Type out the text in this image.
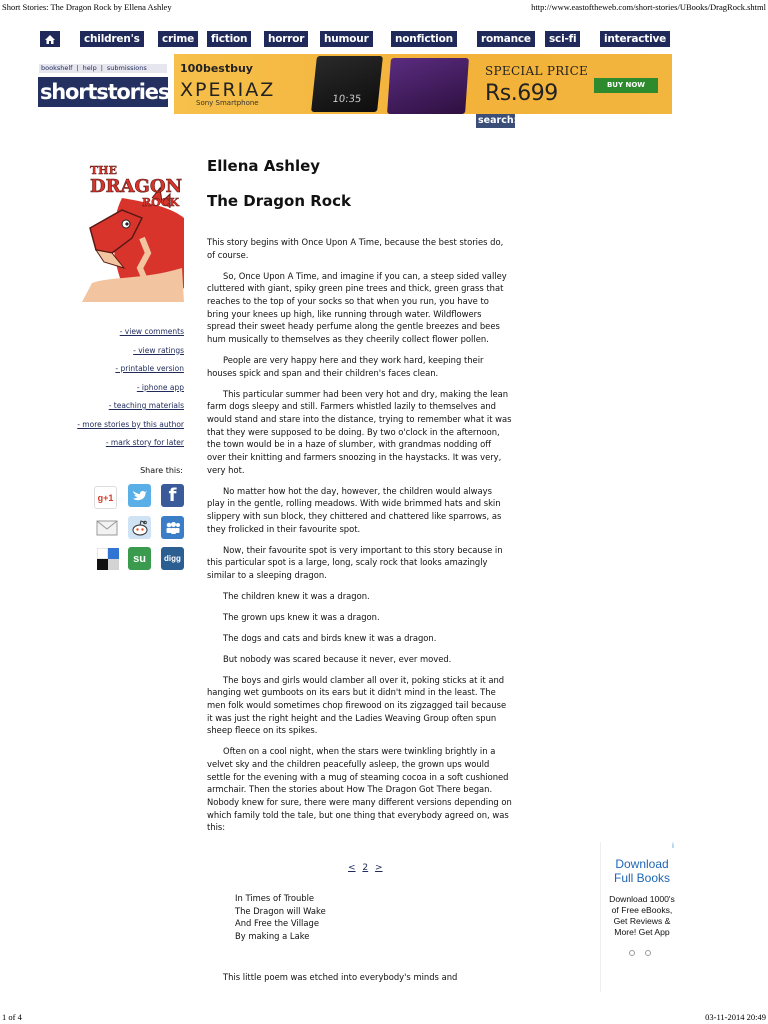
Short Stories: The Dragon Rock by Ellena Ashley	http://www.eastoftheweb.com/short-stories/UBooks/DragRock.shtml
children's	crime	fiction	horror	humour	nonfiction	romance	sci-fi	interactive
bookshelf | help | submissions
shortstories
100bestbuy
XPERIAZ
Sony Smartphone	10:35
SPECIAL PRICE
Rs.699	BUY NOW
search:
THE
DRAGON
ROCK
- view comments
- view ratings
- printable version
- iphone app
- teaching materials
- more stories by this author
- mark story for later
Share this:
g+1	f
su	digg
Ellena Ashley
The Dragon Rock

This story begins with Once Upon A Time, because the best stories do, of course.

So, Once Upon A Time, and imagine if you can, a steep sided valley cluttered with giant, spiky green pine trees and thick, green grass that reaches to the top of your socks so that when you run, you have to bring your knees up high, like running through water. Wildflowers spread their sweet heady perfume along the gentle breezes and bees hum musically to themselves as they cheerily collect flower pollen.

People are very happy here and they work hard, keeping their houses spick and span and their children's faces clean.

This particular summer had been very hot and dry, making the lean farm dogs sleepy and still. Farmers whistled lazily to themselves and would stand and stare into the distance, trying to remember what it was that they were supposed to be doing. By two o'clock in the afternoon, the town would be in a haze of slumber, with grandmas nodding off over their knitting and farmers snoozing in the haystacks. It was very, very hot.

No matter how hot the day, however, the children would always play in the gentle, rolling meadows. With wide brimmed hats and skin slippery with sun block, they chittered and chattered like sparrows, as they frolicked in their favourite spot.

Now, their favourite spot is very important to this story because in this particular spot is a large, long, scaly rock that looks amazingly similar to a sleeping dragon.

The children knew it was a dragon.

The grown ups knew it was a dragon.

The dogs and cats and birds knew it was a dragon.

But nobody was scared because it never, ever moved.

The boys and girls would clamber all over it, poking sticks at it and hanging wet gumboots on its ears but it didn't mind in the least. The men folk would sometimes chop firewood on its zigzagged tail because it was just the right height and the Ladies Weaving Group often spun sheep fleece on its spikes.

Often on a cool night, when the stars were twinkling brightly in a velvet sky and the children peacefully asleep, the grown ups would settle for the evening with a mug of steaming cocoa in a soft cushioned armchair. Then the stories about How The Dragon Got There began. Nobody knew for sure, there were many different versions depending on which family told the tale, but one thing that everybody agreed on, was this:

< 2 >
In Times of Trouble
The Dragon will Wake
And Free the Village
By making a Lake
This little poem was etched into everybody's minds and
i
Download
Full Books
Download 1000's
of Free eBooks,
Get Reviews &
More! Get App
1 of 4	03-11-2014 20:49
